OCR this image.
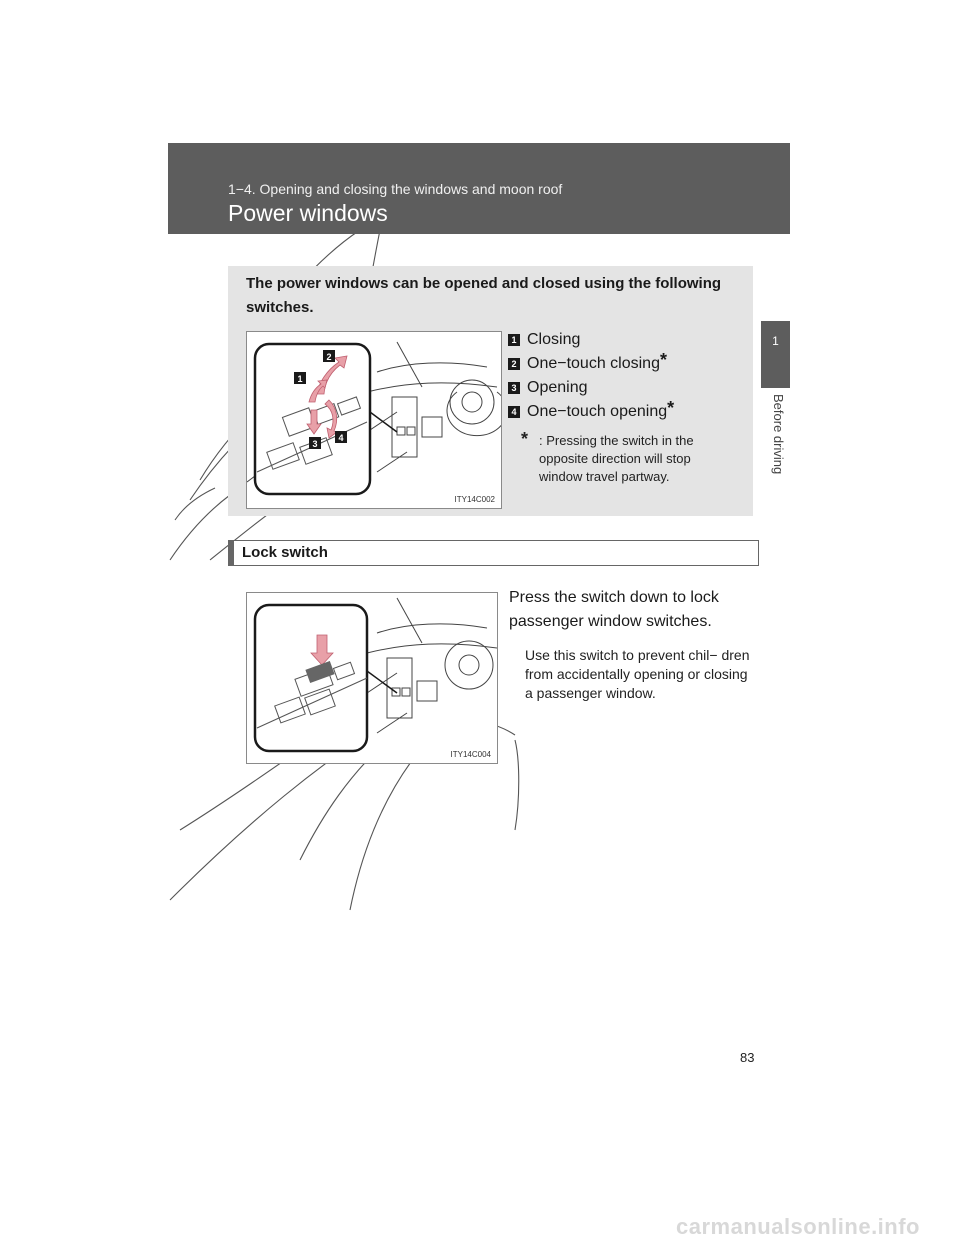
1−4. Opening and closing the windows and moon roof
Power windows
1
Before driving
The power windows can be opened and closed using the following switches.
1
2
3
4
ITY14C002
1 Closing
2 One−touch closing*
3 Opening
4 One−touch opening*
* : Pressing the switch in the opposite direction will stop window travel partway.
Lock switch
ITY14C004
Press the switch down to lock passenger window switches.
Use this switch to prevent chil− dren from accidentally opening or closing a passenger window.
83
carmanualsonline.info
